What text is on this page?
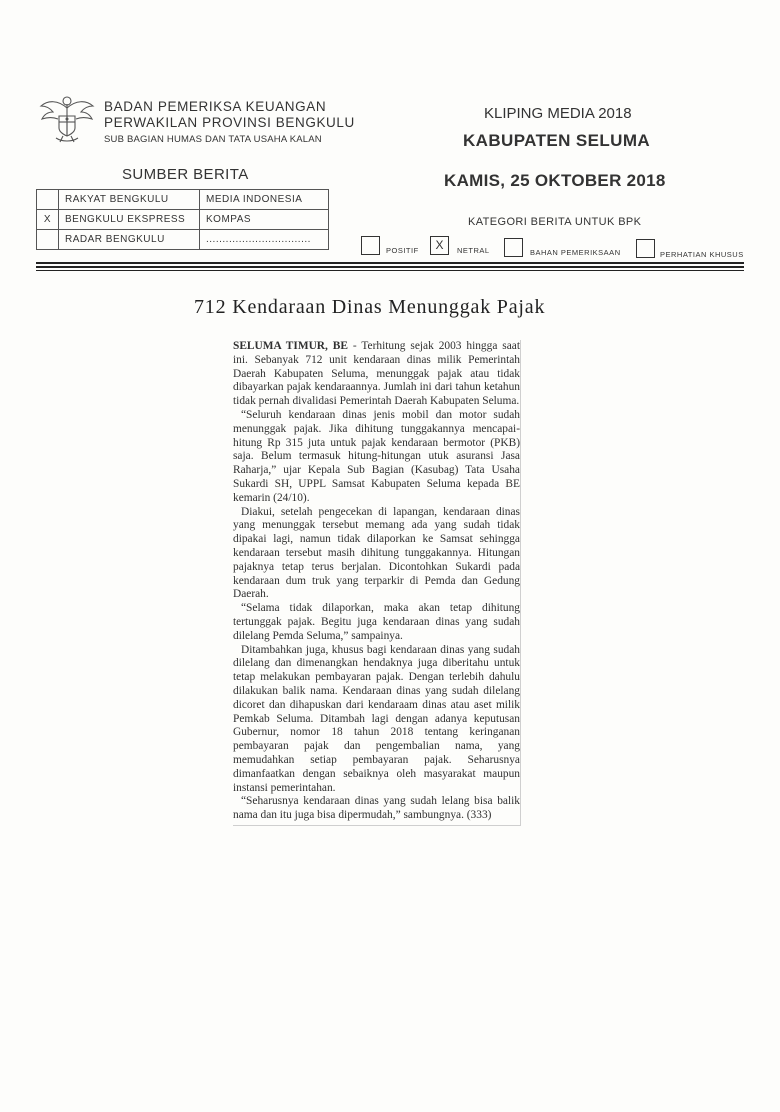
BADAN PEMERIKSA KEUANGAN
PERWAKILAN PROVINSI BENGKULU
SUB BAGIAN HUMAS DAN TATA USAHA KALAN
KLIPING MEDIA 2018
KABUPATEN SELUMA
SUMBER BERITA	KAMIS, 25 OKTOBER 2018
	RAKYAT BENGKULU	MEDIA INDONESIA
X	BENGKULU EKSPRESS	KOMPAS
	RADAR BENGKULU	................................
KATEGORI BERITA UNTUK BPK
POSITIF	X	NETRAL	BAHAN PEMERIKSAAN	PERHATIAN KHUSUS
712 Kendaraan Dinas Menunggak Pajak

SELUMA TIMUR, BE - Terhitung sejak 2003 hingga saat ini. Sebanyak 712 unit kendaraan dinas milik Pemerintah Daerah Kabupaten Seluma, menunggak pajak atau tidak dibayarkan pajak kendaraannya. Jumlah ini dari tahun ketahun tidak pernah divalidasi Pemerintah Daerah Kabupaten Seluma.

“Seluruh kendaraan dinas jenis mobil dan motor sudah menunggak pajak. Jika dihitung tunggakannya mencapai-hitung Rp 315 juta untuk pajak kendaraan bermotor (PKB) saja. Belum termasuk hitung-hitungan utuk asuransi Jasa Raharja,” ujar Kepala Sub Bagian (Kasubag) Tata Usaha Sukardi SH, UPPL Samsat Kabupaten Seluma kepada BE kemarin (24/10).

Diakui, setelah pengecekan di lapangan, kendaraan dinas yang menunggak tersebut memang ada yang sudah tidak dipakai lagi, namun tidak dilaporkan ke Samsat sehingga kendaraan tersebut masih dihitung tunggakannya. Hitungan pajaknya tetap terus berjalan. Dicontohkan Sukardi pada kendaraan dum truk yang terparkir di Pemda dan Gedung Daerah.

“Selama tidak dilaporkan, maka akan tetap dihitung tertunggak pajak. Begitu juga kendaraan dinas yang sudah dilelang Pemda Seluma,” sampainya.

Ditambahkan juga, khusus bagi kendaraan dinas yang sudah dilelang dan dimenangkan hendaknya juga diberitahu untuk tetap melakukan pembayaran pajak. Dengan terlebih dahulu dilakukan balik nama. Kendaraan dinas yang sudah dilelang dicoret dan dihapuskan dari kendaraam dinas atau aset milik Pemkab Seluma. Ditambah lagi dengan adanya keputusan Gubernur, nomor 18 tahun 2018 tentang keringanan pembayaran pajak dan pengembalian nama, yang memudahkan setiap pembayaran pajak. Seharusnya dimanfaatkan dengan sebaiknya oleh masyarakat maupun instansi pemerintahan.

“Seharusnya kendaraan dinas yang sudah lelang bisa balik nama dan itu juga bisa dipermudah,” sambungnya. (333)
